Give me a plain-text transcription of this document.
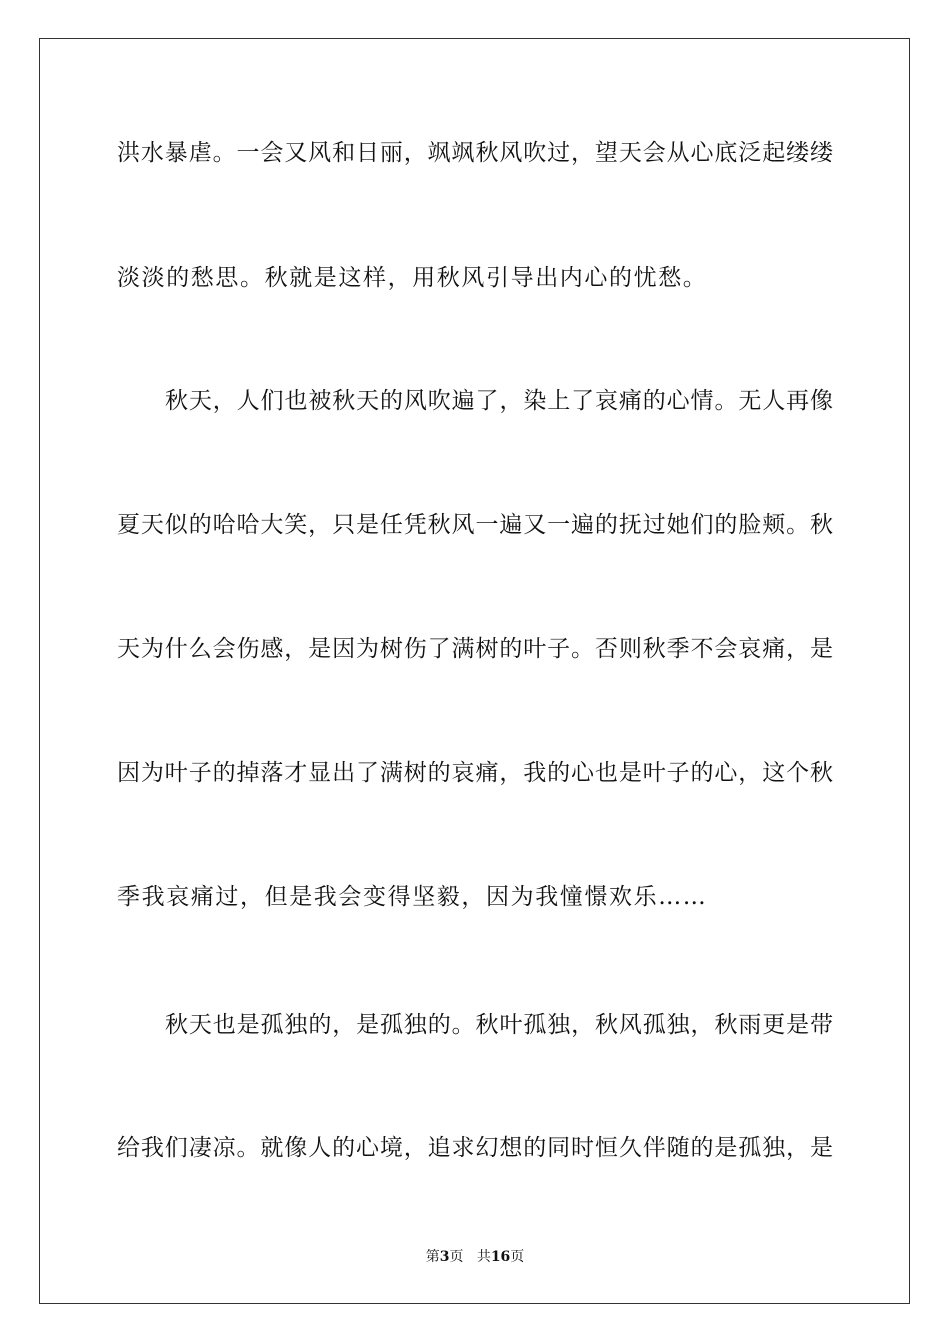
洪水暴虐。一会又风和日丽，飒飒秋风吹过，望天会从心底泛起缕缕
淡淡的愁思。秋就是这样，用秋风引导出内心的忧愁。
秋天，人们也被秋天的风吹遍了，染上了哀痛的心情。无人再像
夏天似的哈哈大笑，只是任凭秋风一遍又一遍的抚过她们的脸颊。秋
天为什么会伤感，是因为树伤了满树的叶子。否则秋季不会哀痛，是
因为叶子的掉落才显出了满树的哀痛，我的心也是叶子的心，这个秋
季我哀痛过，但是我会变得坚毅，因为我憧憬欢乐……
秋天也是孤独的，是孤独的。秋叶孤独，秋风孤独，秋雨更是带
给我们凄凉。就像人的心境，追求幻想的同时恒久伴随的是孤独，是
第3页 共16页
